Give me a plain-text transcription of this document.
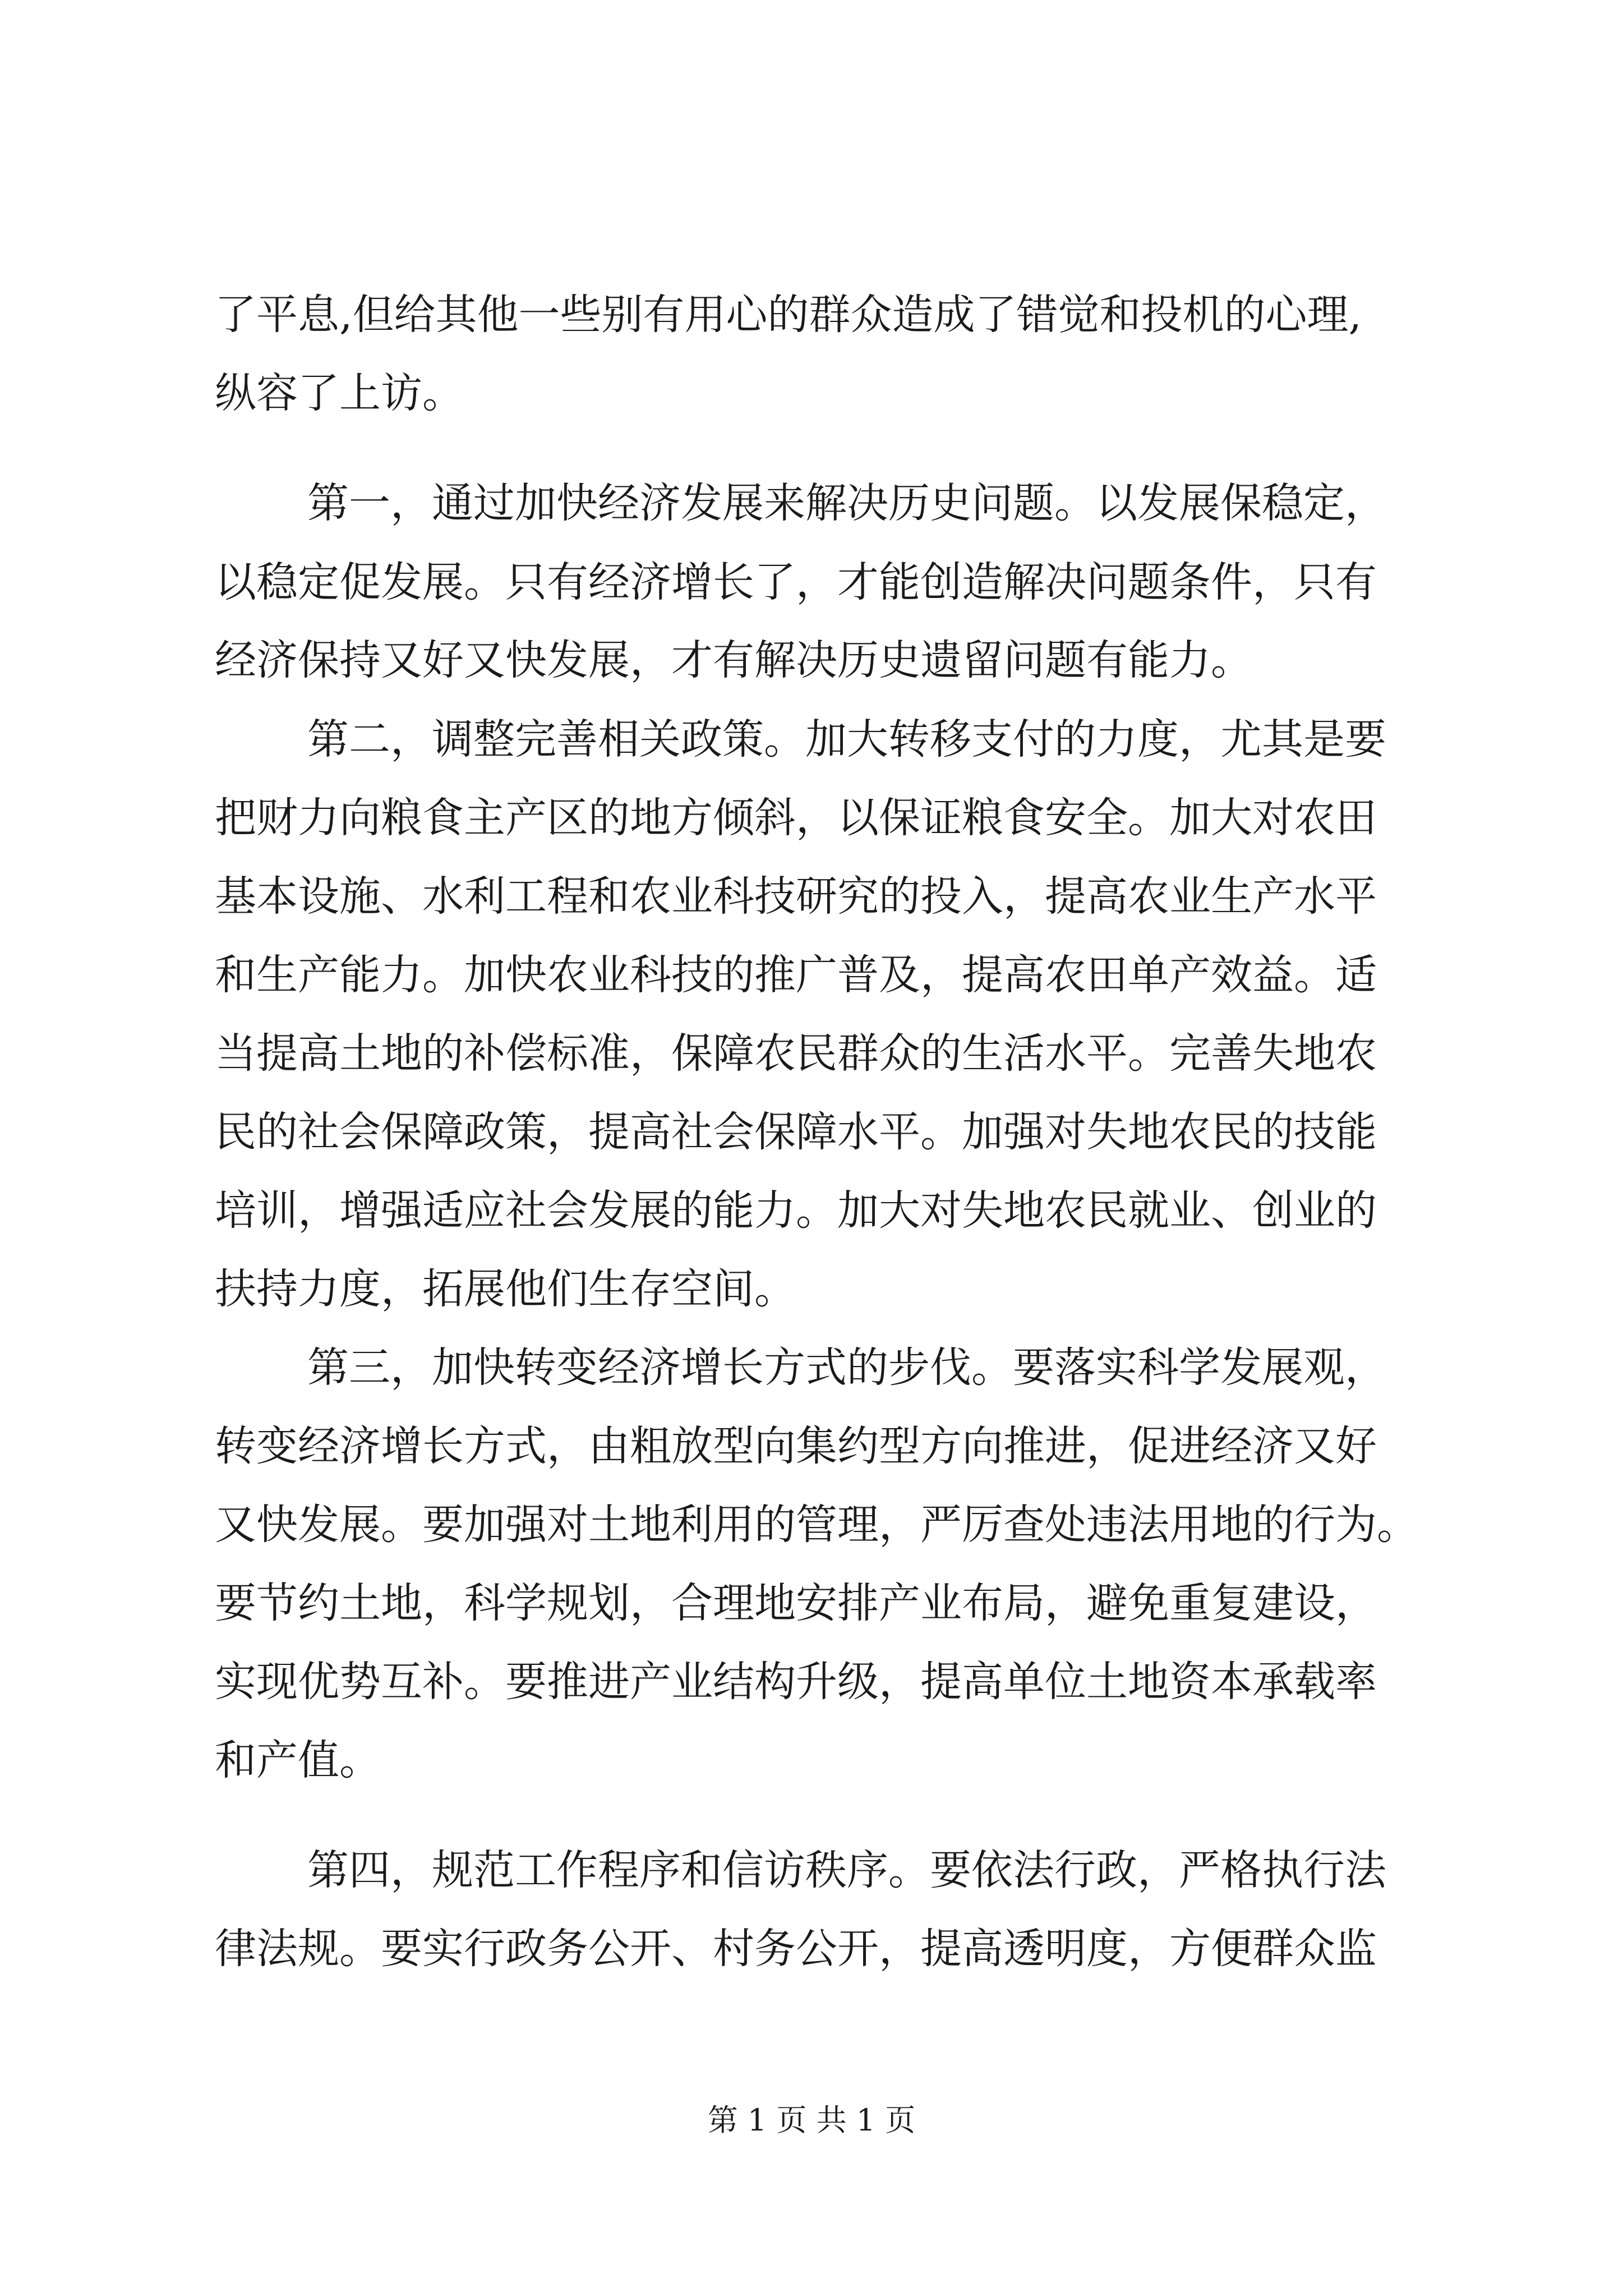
了平息,但给其他一些别有用心的群众造成了错觉和投机的心理,
纵容了上访。
第一，通过加快经济发展来解决历史问题。以发展保稳定，
以稳定促发展。只有经济增长了，才能创造解决问题条件，只有
经济保持又好又快发展，才有解决历史遗留问题有能力。
第二，调整完善相关政策。加大转移支付的力度，尤其是要
把财力向粮食主产区的地方倾斜，以保证粮食安全。加大对农田
基本设施、水利工程和农业科技研究的投入，提高农业生产水平
和生产能力。加快农业科技的推广普及，提高农田单产效益。适
当提高土地的补偿标准，保障农民群众的生活水平。完善失地农
民的社会保障政策，提高社会保障水平。加强对失地农民的技能
培训，增强适应社会发展的能力。加大对失地农民就业、创业的
扶持力度，拓展他们生存空间。
第三，加快转变经济增长方式的步伐。要落实科学发展观，
转变经济增长方式，由粗放型向集约型方向推进，促进经济又好
又快发展。要加强对土地利用的管理，严厉查处违法用地的行为。
要节约土地，科学规划，合理地安排产业布局，避免重复建设，
实现优势互补。要推进产业结构升级，提高单位土地资本承载率
和产值。
第四，规范工作程序和信访秩序。要依法行政，严格执行法
律法规。要实行政务公开、村务公开，提高透明度，方便群众监
第 1 页 共 1 页
